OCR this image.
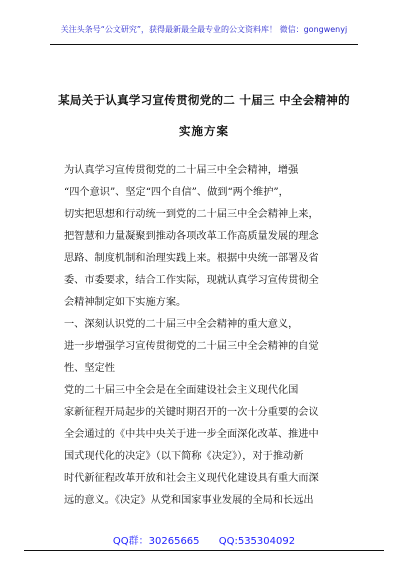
关注头条号“公文研究”，获得最新最全最专业的公文资料库！ 微信：gongwenyj
某局关于认真学习宣传贯彻党的二 十届三 中全会精神的
实施方案
为认真学习宣传贯彻党的二十届三中全会精神，增强
“四个意识”、坚定“四个自信”、做到“两个维护”，
切实把思想和行动统一到党的二十届三中全会精神上来，
把智慧和力量凝聚到推动各项改革工作高质量发展的理念
思路、制度机制和治理实践上来。根据中央统一部署及省
委、市委要求，结合工作实际，现就认真学习宣传贯彻全
会精神制定如下实施方案。
一、深刻认识党的二十届三中全会精神的重大意义，
进一步增强学习宣传贯彻党的二十届三中全会精神的自觉
性、坚定性
党的二十届三中全会是在全面建设社会主义现代化国
家新征程开局起步的关键时期召开的一次十分重要的会议
全会通过的《中共中央关于进一步全面深化改革、推进中
国式现代化的决定》（以下简称《决定》），对于推动新
时代新征程改革开放和社会主义现代化建设具有重大而深
远的意义。《决定》从党和国家事业发展的全局和长远出
QQ群：30265665 QQ:535304092
